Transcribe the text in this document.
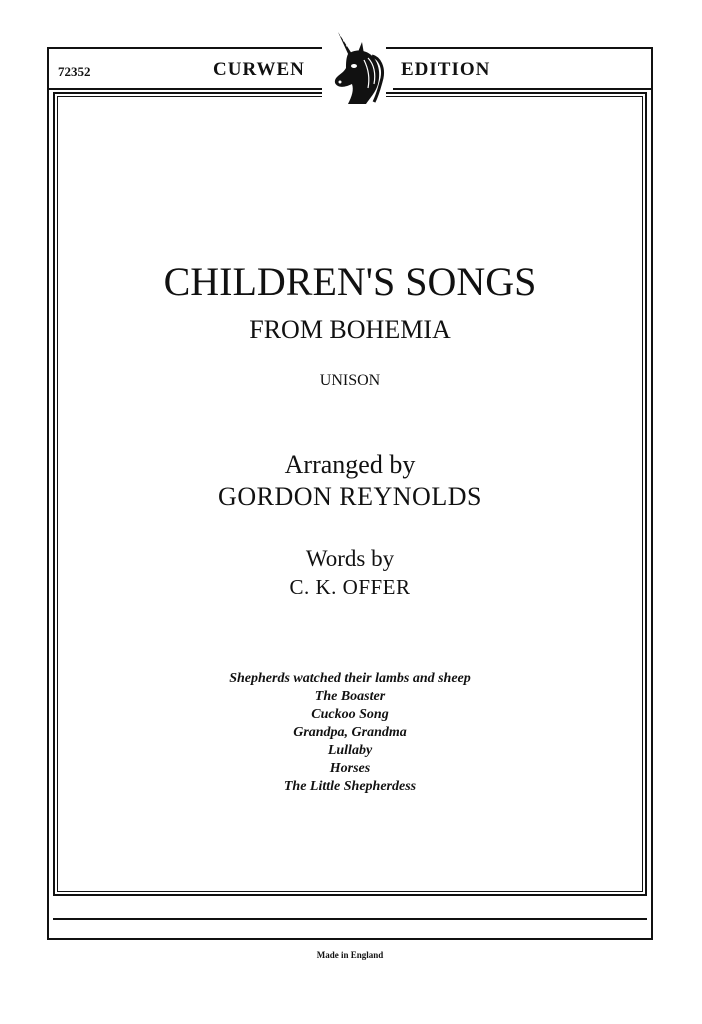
72352	CURWEN	EDITION
CHILDREN'S SONGS
FROM BOHEMIA
UNISON
Arranged by
GORDON REYNOLDS
Words by
C. K. OFFER
Shepherds watched their lambs and sheep
The Boaster
Cuckoo Song
Grandpa, Grandma
Lullaby
Horses
The Little Shepherdess
Made in England
